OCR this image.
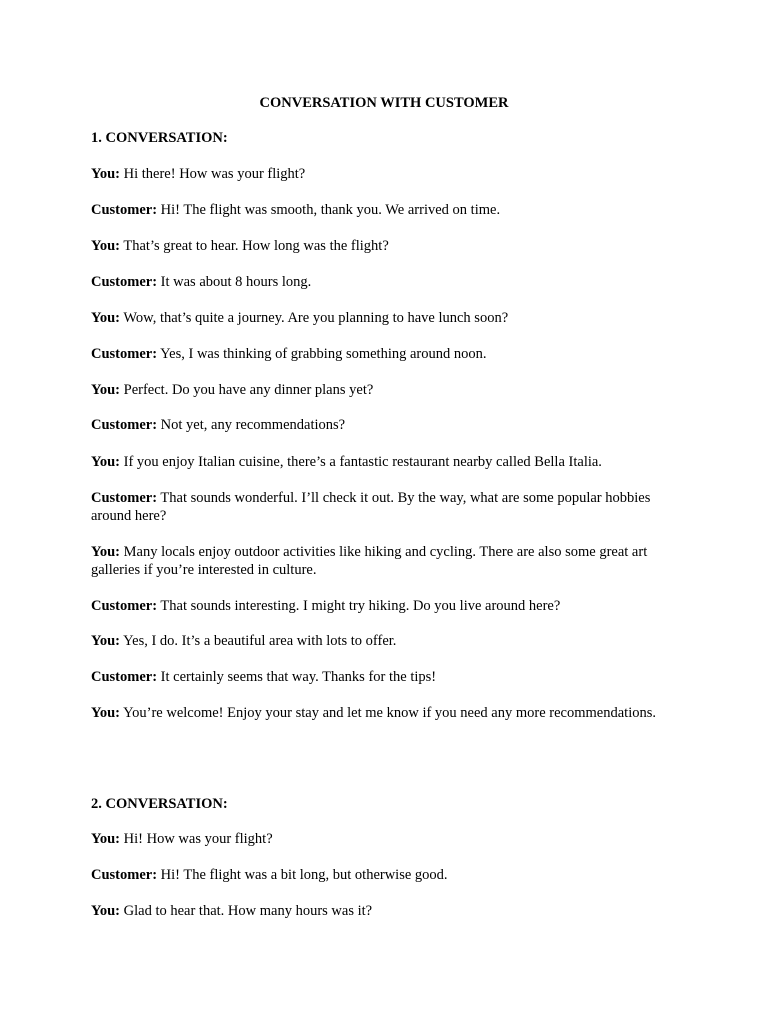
CONVERSATION WITH CUSTOMER
1. CONVERSATION:

You: Hi there! How was your flight?

Customer: Hi! The flight was smooth, thank you. We arrived on time.

You: That’s great to hear. How long was the flight?

Customer: It was about 8 hours long.

You: Wow, that’s quite a journey. Are you planning to have lunch soon?

Customer: Yes, I was thinking of grabbing something around noon.

You: Perfect. Do you have any dinner plans yet?

Customer: Not yet, any recommendations?

You: If you enjoy Italian cuisine, there’s a fantastic restaurant nearby called Bella Italia.

Customer: That sounds wonderful. I’ll check it out. By the way, what are some popular hobbies around here?

You: Many locals enjoy outdoor activities like hiking and cycling. There are also some great art galleries if you’re interested in culture.

Customer: That sounds interesting. I might try hiking. Do you live around here?

You: Yes, I do. It’s a beautiful area with lots to offer.

Customer: It certainly seems that way. Thanks for the tips!

You: You’re welcome! Enjoy your stay and let me know if you need any more recommendations.

2. CONVERSATION:

You: Hi! How was your flight?

Customer: Hi! The flight was a bit long, but otherwise good.

You: Glad to hear that. How many hours was it?
